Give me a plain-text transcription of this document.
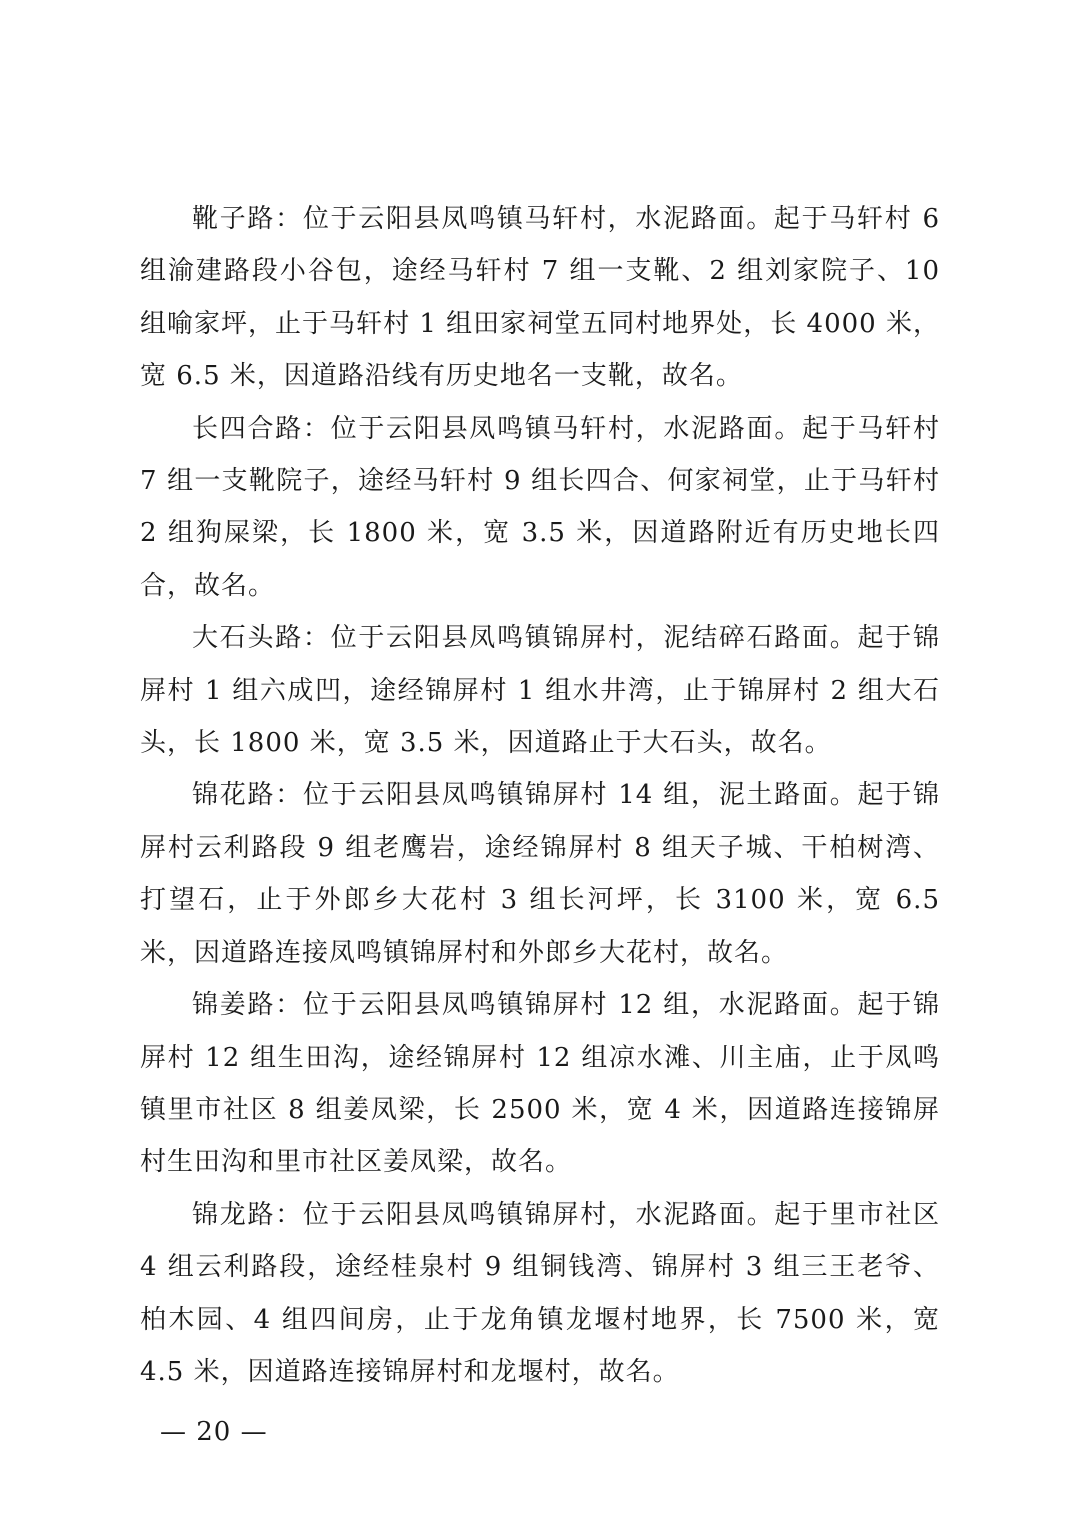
靴子路：位于云阳县凤鸣镇马轩村，水泥路面。起于马轩村 6 组渝建路段小谷包，途经马轩村 7 组一支靴、2 组刘家院子、10 组喻家坪，止于马轩村 1 组田家祠堂五同村地界处，长 4000 米，宽 6.5 米，因道路沿线有历史地名一支靴，故名。

长四合路：位于云阳县凤鸣镇马轩村，水泥路面。起于马轩村 7 组一支靴院子，途经马轩村 9 组长四合、何家祠堂，止于马轩村 2 组狗屎梁，长 1800 米，宽 3.5 米，因道路附近有历史地长四合，故名。

大石头路：位于云阳县凤鸣镇锦屏村，泥结碎石路面。起于锦屏村 1 组六成凹，途经锦屏村 1 组水井湾，止于锦屏村 2 组大石头，长 1800 米，宽 3.5 米，因道路止于大石头，故名。

锦花路：位于云阳县凤鸣镇锦屏村 14 组，泥土路面。起于锦屏村云利路段 9 组老鹰岩，途经锦屏村 8 组天子城、干柏树湾、打望石，止于外郎乡大花村 3 组长河坪，长 3100 米，宽 6.5 米，因道路连接凤鸣镇锦屏村和外郎乡大花村，故名。

锦姜路：位于云阳县凤鸣镇锦屏村 12 组，水泥路面。起于锦屏村 12 组生田沟，途经锦屏村 12 组凉水滩、川主庙，止于凤鸣镇里市社区 8 组姜凤梁，长 2500 米，宽 4 米，因道路连接锦屏村生田沟和里市社区姜凤梁，故名。

锦龙路：位于云阳县凤鸣镇锦屏村，水泥路面。起于里市社区 4 组云利路段，途经桂泉村 9 组铜钱湾、锦屏村 3 组三王老爷、柏木园、4 组四间房，止于龙角镇龙堰村地界，长 7500 米，宽 4.5 米，因道路连接锦屏村和龙堰村，故名。

— 20 —
